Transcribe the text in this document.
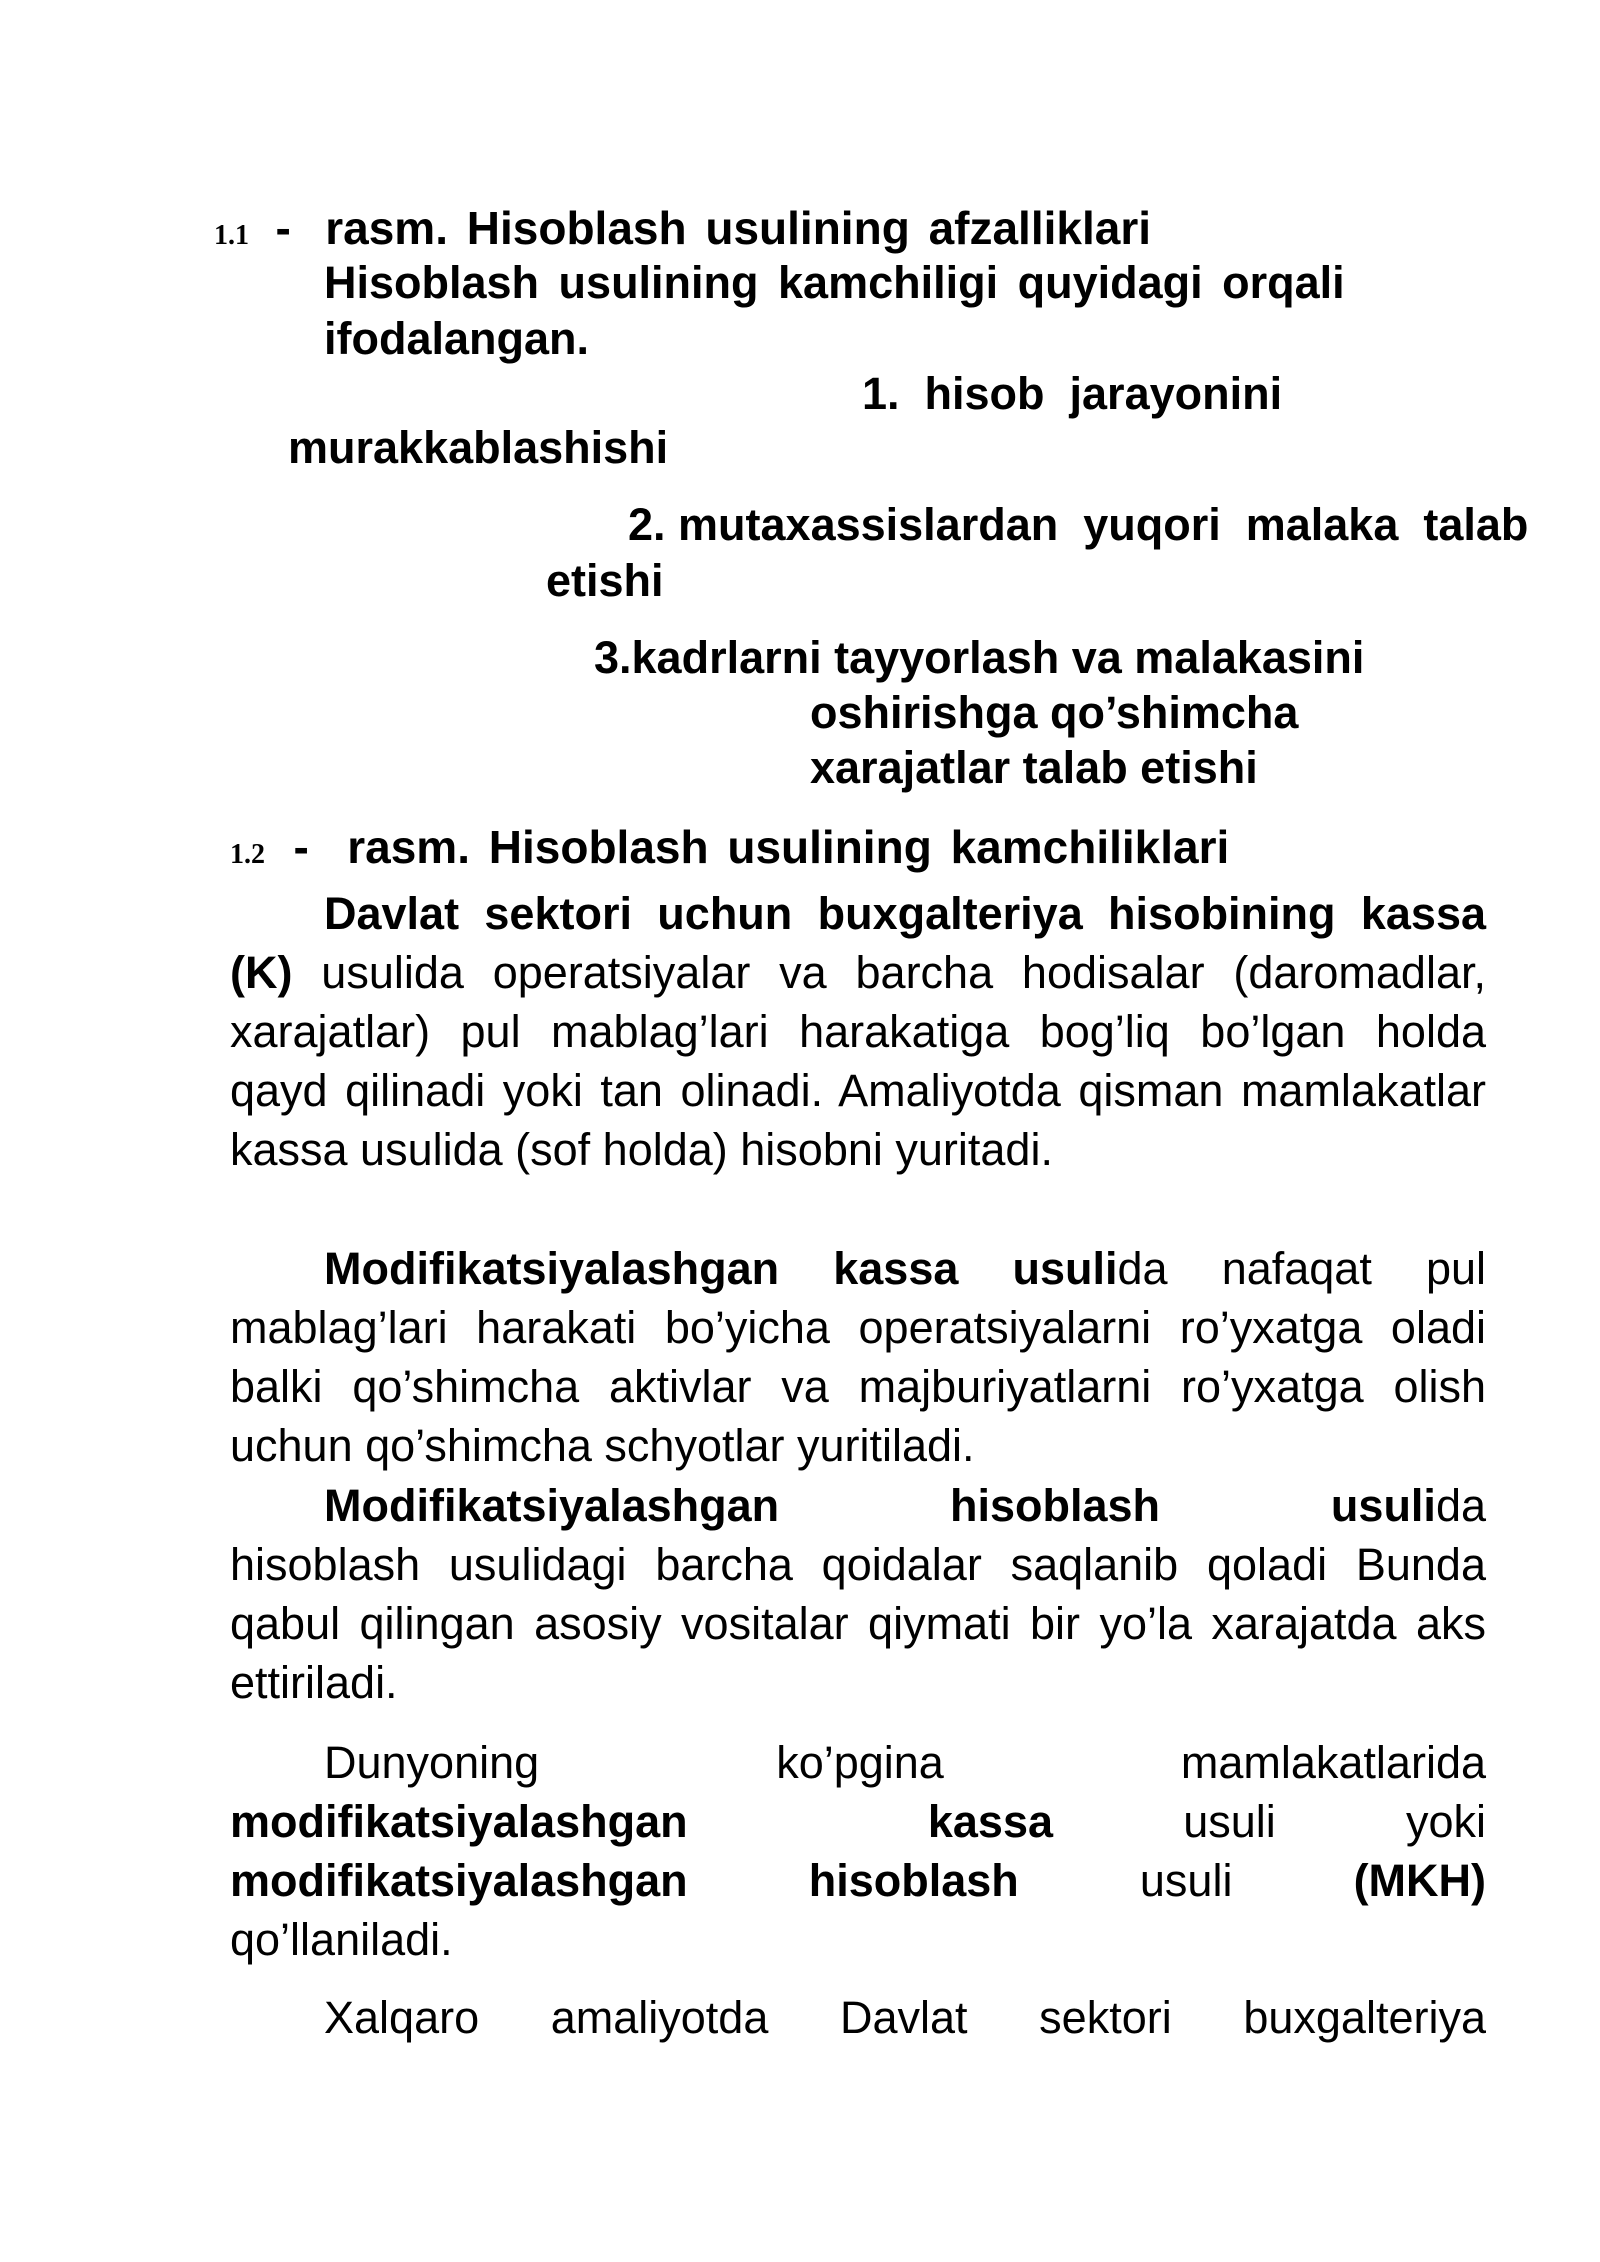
1.1 - rasm. Hisoblash usulining afzalliklari
Hisoblash usulining kamchiligi quyidagi orqali
ifodalangan.
1.  hisob  jarayonini
murakkablashishi
2. mutaxassislardan  yuqori  malaka  talab
etishi
3.kadrlarni tayyorlash va malakasini
oshirishga qo’shimcha
xarajatlar talab etishi
1.2 - rasm. Hisoblash usulining kamchiliklari
Davlat sektori uchun buxgalteriya hisobining kassa (K) usulida operatsiyalar va barcha hodisalar (daromadlar, xarajatlar) pul mablag’lari harakatiga bog’liq bo’lgan holda qayd qilinadi yoki tan olinadi. Amaliyotda qisman mamlakatlar kassa usulida (sof holda) hisobni yuritadi.
Modifikatsiyalashgan kassa usulida nafaqat pul mablag’lari harakati bo’yicha operatsiyalarni ro’yxatga oladi balki qo’shimcha aktivlar va majburiyatlarni ro’yxatga olish uchun qo’shimcha schyotlar yuritiladi.
Modifikatsiyalashgan hisoblash usulida hisoblash usulidagi barcha qoidalar saqlanib qoladi Bunda qabul qilingan asosiy vositalar qiymati bir yo’la xarajatda aks ettiriladi.
Dunyoning ko’pgina mamlakatlarida modifikatsiyalashgan kassa usuli yoki modifikatsiyalashgan hisoblash usuli (MKH) qo’llaniladi.
Xalqaro amaliyotda Davlat sektori buxgalteriya
